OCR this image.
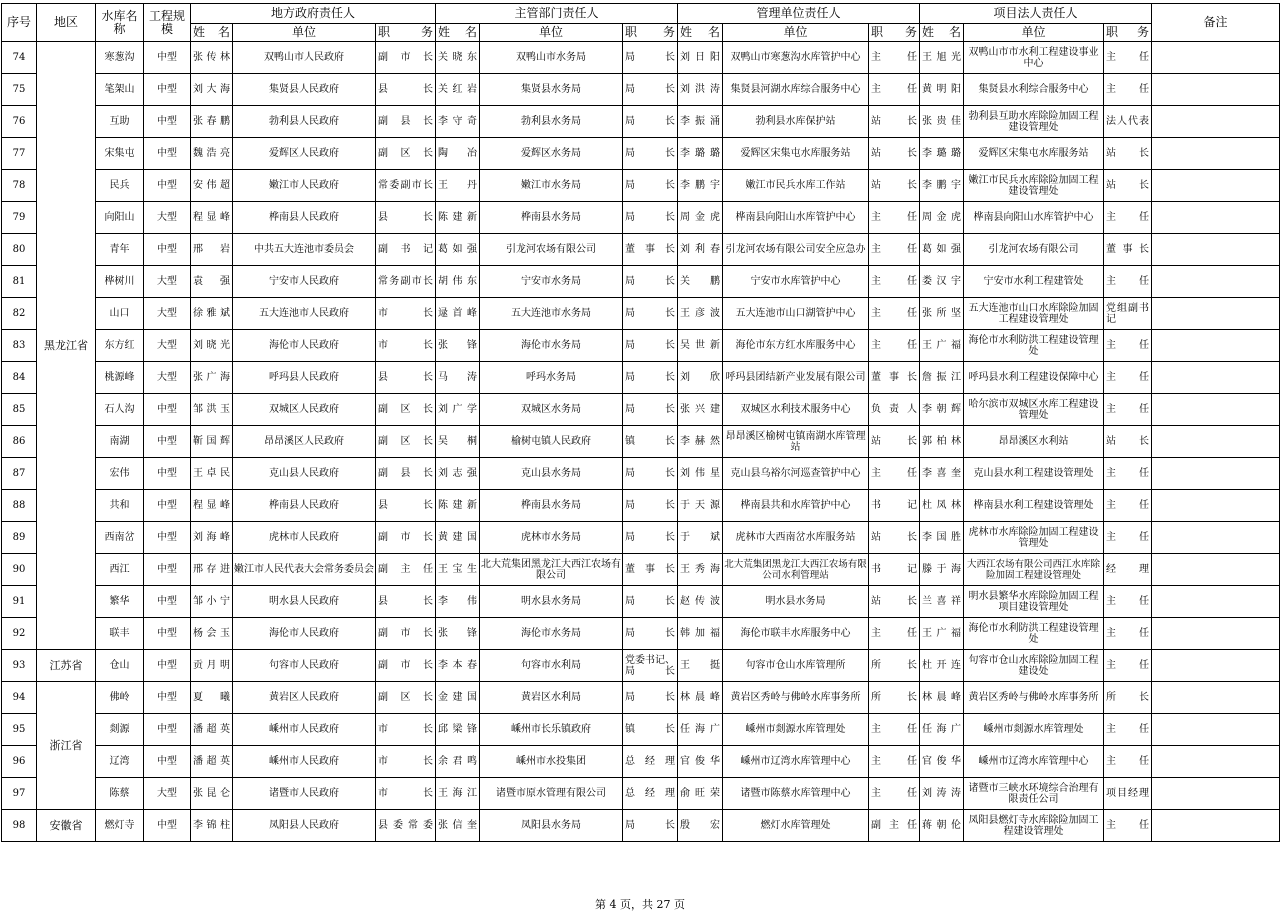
序号	地区	水库名称	工程规模	地方政府责任人			主管部门责任人			管理单位责任人			项目法人责任人			备注
				姓名	单位	职务	姓名	单位	职务	姓名	单位	职务	姓名	单位	职务	
74	黑龙江省	寒葱沟	中型	张传林	双鸭山市人民政府	副市长	关晓东	双鸭山市水务局	局长	刘日阳	双鸭山市寒葱沟水库管护中心	主任	王旭光	双鸭山市市水利工程建设事业中心	主任	
75		笔架山	中型	刘大海	集贤县人民政府	县长	关红岩	集贤县水务局	局长	刘洪涛	集贤县河湖水库综合服务中心	主任	黄明阳	集贤县水利综合服务中心	主任	
76		互助	中型	张春鹏	勃利县人民政府	副县长	李守奇	勃利县水务局	局长	李振涌	勃利县水库保护站	站长	张贵佳	勃利县互助水库除险加固工程建设管理处	法人代表	
77		宋集屯	中型	魏浩亮	爱辉区人民政府	副区长	陶冶	爱辉区水务局	局长	李璐璐	爱辉区宋集屯水库服务站	站长	李璐璐	爱辉区宋集屯水库服务站	站长	
78		民兵	中型	安伟超	嫩江市人民政府	常委副市长	王丹	嫩江市水务局	局长	李鹏宇	嫩江市民兵水库工作站	站长	李鹏宇	嫩江市民兵水库除险加固工程建设管理处	站长	
79		向阳山	大型	程显峰	桦南县人民政府	县长	陈建新	桦南县水务局	局长	周金虎	桦南县向阳山水库管护中心	主任	周金虎	桦南县向阳山水库管护中心	主任	
80		青年	中型	邢岩	中共五大连池市委员会	副书记	葛如强	引龙河农场有限公司	董事长	刘利春	引龙河农场有限公司安全应急办	主任	葛如强	引龙河农场有限公司	董事长	
81		桦树川	大型	袁强	宁安市人民政府	常务副市长	胡伟东	宁安市水务局	局长	关鹏	宁安市水库管护中心	主任	娄汉宇	宁安市水利工程建管处	主任	
82		山口	大型	徐雅斌	五大连池市人民政府	市长	逯首峰	五大连池市水务局	局长	王彦波	五大连池市山口湖管护中心	主任	张所坚	五大连池市山口水库除险加固工程建设管理处	党组副书记	
83		东方红	大型	刘晓光	海伦市人民政府	市长	张锋	海伦市水务局	局长	吴世新	海伦市东方红水库服务中心	主任	王广福	海伦市水利防洪工程建设管理处	主任	
84		桃源峰	大型	张广海	呼玛县人民政府	县长	马涛	呼玛水务局	局长	刘欣	呼玛县团结新产业发展有限公司	董事长	詹振江	呼玛县水利工程建设保障中心	主任	
85		石人沟	中型	邹洪玉	双城区人民政府	副区长	刘广学	双城区水务局	局长	张兴建	双城区水利技术服务中心	负责人	李朝辉	哈尔滨市双城区水库工程建设管理处	主任	
86		南湖	中型	靳国辉	昂昂溪区人民政府	副区长	吴桐	榆树屯镇人民政府	镇长	李赫然	昂昂溪区榆树屯镇南湖水库管理站	站长	郭柏林	昂昂溪区水利站	站长	
87		宏伟	中型	王卓民	克山县人民政府	副县长	刘志强	克山县水务局	局长	刘伟星	克山县乌裕尔河巡查管护中心	主任	李喜奎	克山县水利工程建设管理处	主任	
88		共和	中型	程显峰	桦南县人民政府	县长	陈建新	桦南县水务局	局长	于天源	桦南县共和水库管护中心	书记	杜凤林	桦南县水利工程建设管理处	主任	
89		西南岔	中型	刘海峰	虎林市人民政府	副市长	黄建国	虎林市水务局	局长	于斌	虎林市大西南岔水库服务站	站长	李国胜	虎林市水库除险加固工程建设管理处	主任	
90		西江	中型	邢存进	嫩江市人民代表大会常务委员会	副主任	王宝生	北大荒集团黑龙江大西江农场有限公司	董事长	王秀海	北大荒集团黑龙江大西江农场有限公司水利管理站	书记	滕于海	大西江农场有限公司西江水库除险加固工程建设管理处	经理	
91		繁华	中型	邹小宁	明水县人民政府	县长	李伟	明水县水务局	局长	赵传波	明水县水务局	站长	兰喜祥	明水县繁华水库除险加固工程项目建设管理处	主任	
92		联丰	中型	杨会玉	海伦市人民政府	副市长	张锋	海伦市水务局	局长	韩加福	海伦市联丰水库服务中心	主任	王广福	海伦市水利防洪工程建设管理处	主任	
93	江苏省	仓山	中型	贡月明	句容市人民政府	副市长	李本春	句容市水利局	党委书记、局长	王挺	句容市仓山水库管理所	所长	杜开连	句容市仓山水库除险加固工程建设处	主任	
94	浙江省	佛岭	中型	夏曦	黄岩区人民政府	副区长	金建国	黄岩区水利局	局长	林晨峰	黄岩区秀岭与佛岭水库事务所	所长	林晨峰	黄岩区秀岭与佛岭水库事务所	所长	
95		剡源	中型	潘超英	嵊州市人民政府	市长	邱梁锋	嵊州市长乐镇政府	镇长	任海广	嵊州市剡源水库管理处	主任	任海广	嵊州市剡源水库管理处	主任	
96		辽湾	中型	潘超英	嵊州市人民政府	市长	余君鸣	嵊州市水投集团	总经理	官俊华	嵊州市辽湾水库管理中心	主任	官俊华	嵊州市辽湾水库管理中心	主任	
97		陈蔡	大型	张昆仑	诸暨市人民政府	市长	王海江	诸暨市原水管理有限公司	总经理	俞旺荣	诸暨市陈蔡水库管理中心	主任	刘涛涛	诸暨市三峡水环境综合治理有限责任公司	项目经理	
98	安徽省	燃灯寺	中型	李锦柱	凤阳县人民政府	县委常委	张信奎	凤阳县水务局	局长	殷宏	燃灯水库管理处	副主任	蒋朝伦	凤阳县燃灯寺水库除险加固工程建设管理处	主任	
第 4 页，共 27 页
